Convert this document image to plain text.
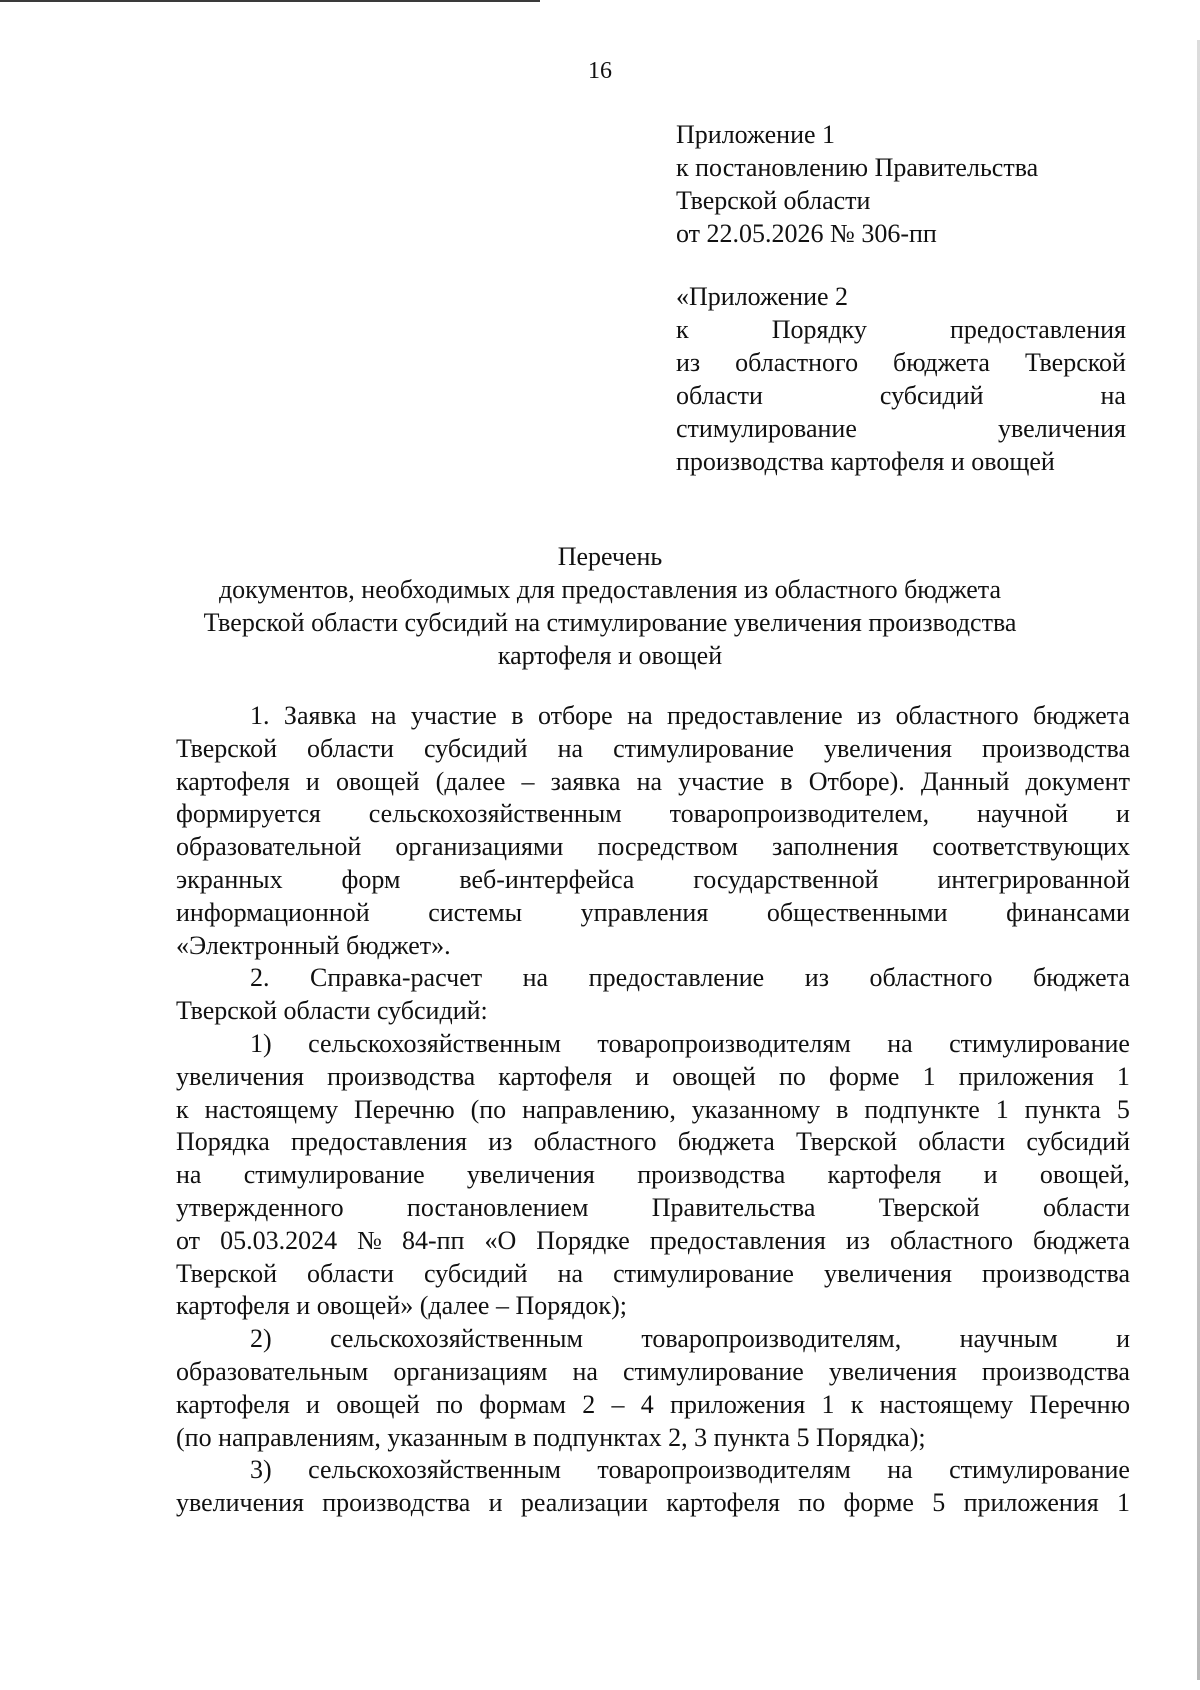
16
Приложение 1
к постановлению Правительства
Тверской области
от 22.05.2026 № 306-пп
«Приложение 2
к	Порядку	предоставления
из областного бюджета Тверской
области	субсидий	на
стимулирование	увеличения
производства картофеля и овощей
Перечень
документов, необходимых для предоставления из областного бюджета
Тверской области субсидий на стимулирование увеличения производства
картофеля и овощей
1. Заявка на участие в отборе на предоставление из областного бюджета
Тверской области субсидий на стимулирование увеличения производства
картофеля и овощей (далее – заявка на участие в Отборе). Данный документ
формируется сельскохозяйственным товаропроизводителем, научной и
образовательной организациями посредством заполнения соответствующих
экранных форм веб-интерфейса государственной интегрированной
информационной системы управления общественными финансами
«Электронный бюджет».
2. Справка-расчет на предоставление из областного бюджета
Тверской области субсидий:
1) сельскохозяйственным товаропроизводителям на стимулирование
увеличения производства картофеля и овощей по форме 1 приложения 1
к настоящему Перечню (по направлению, указанному в подпункте 1 пункта 5
Порядка предоставления из областного бюджета Тверской области субсидий
на стимулирование увеличения производства картофеля и овощей,
утвержденного постановлением Правительства Тверской области
от 05.03.2024 № 84-пп «О Порядке предоставления из областного бюджета
Тверской области субсидий на стимулирование увеличения производства
картофеля и овощей» (далее – Порядок);
2) сельскохозяйственным товаропроизводителям, научным и
образовательным организациям на стимулирование увеличения производства
картофеля и овощей по формам 2 – 4 приложения 1 к настоящему Перечню
(по направлениям, указанным в подпунктах 2, 3 пункта 5 Порядка);
3) сельскохозяйственным товаропроизводителям на стимулирование
увеличения производства и реализации картофеля по форме 5 приложения 1
